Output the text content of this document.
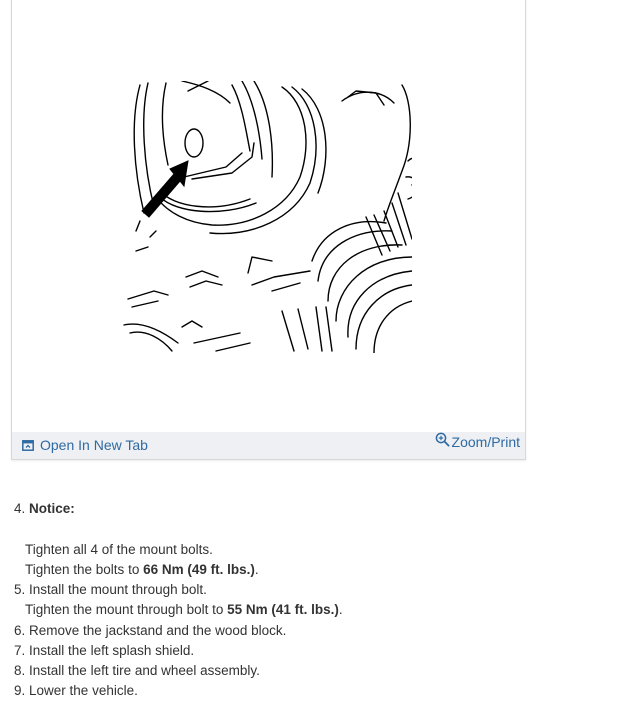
Open In New Tab	Zoom/Print
4. Notice:
Tighten all 4 of the mount bolts.
Tighten the bolts to 66 Nm (49 ft. lbs.).
5. Install the mount through bolt.
Tighten the mount through bolt to 55 Nm (41 ft. lbs.).
6. Remove the jackstand and the wood block.
7. Install the left splash shield.
8. Install the left tire and wheel assembly.
9. Lower the vehicle.
